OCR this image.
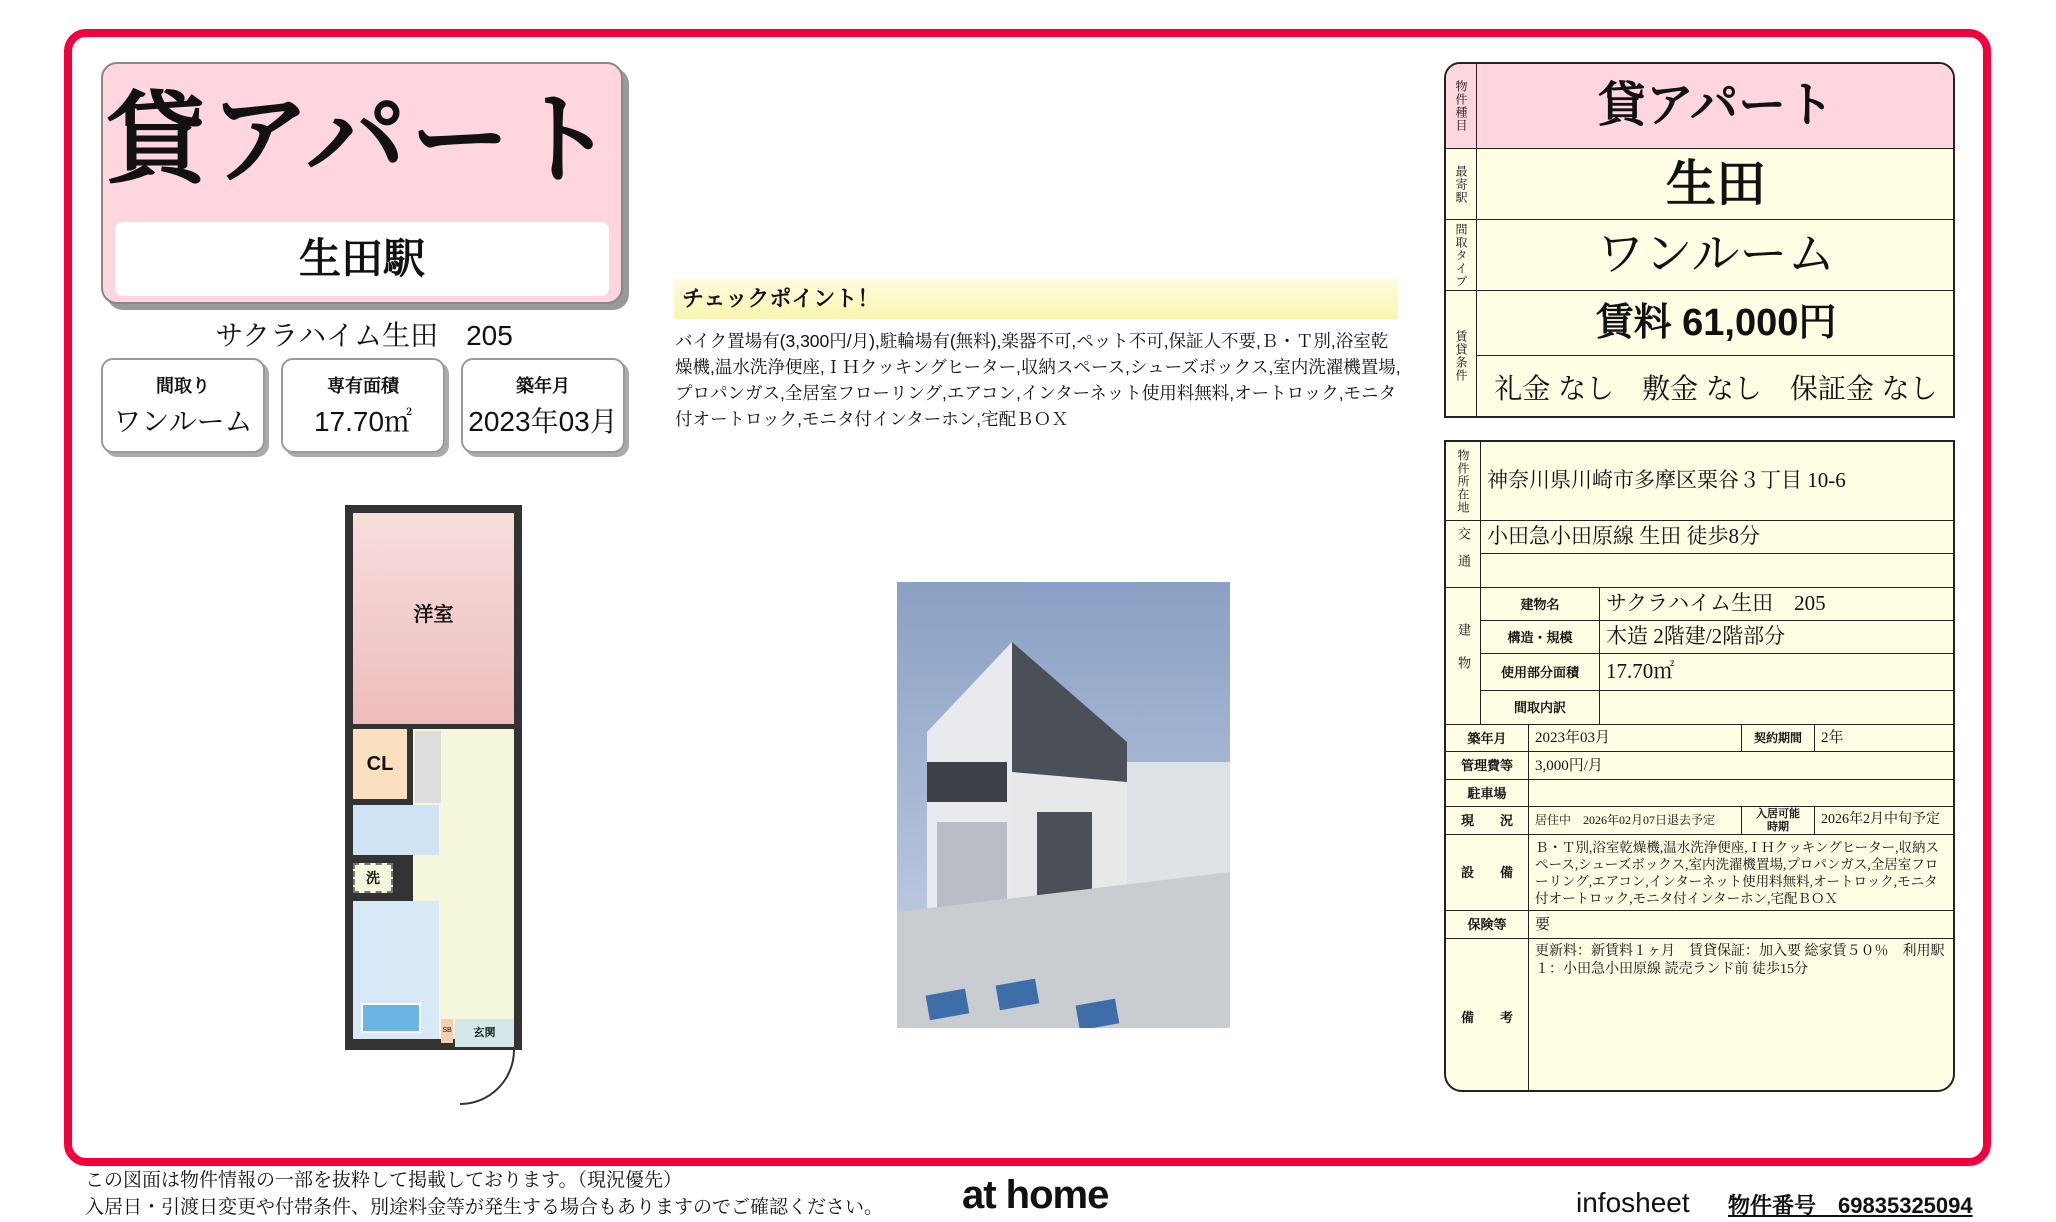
貸アパート
生田駅
サクラハイム生田　205
間取り
ワンルーム
専有面積
17.70㎡
築年月
2023年03月
洋室
CL
洗
玄関
SB
チェックポイント！
バイク置場有(3,300円/月),駐輪場有(無料),楽器不可,ペット不可,保証人不要,Ｂ・Ｔ別,浴室乾燥機,温水洗浄便座,ＩＨクッキングヒーター,収納スペース,シューズボックス,室内洗濯機置場,プロパンガス,全居室フローリング,エアコン,インターネット使用料無料,オートロック,モニタ付オートロック,モニタ付インターホン,宅配ＢＯＸ
物件種目	貸アパート
最寄駅	生田
間取タイプ	ワンルーム
賃貸条件
賃料 61,000円
礼金 なし　敷金 なし　保証金 なし
物件所在地 神奈川県川崎市多摩区栗谷３丁目 10-6
交通 小田急小田原線 生田 徒歩8分
建物
建物名	サクラハイム生田　205
構造・規模	木造 2階建/2階部分
使用部分面積	17.70㎡
間取内訳
築年月	2023年03月	契約期間	2年
管理費等	3,000円/月
駐車場
現　　況	居住中　2026年02月07日退去予定	入居可能時期	2026年2月中旬予定
設　　備
Ｂ・Ｔ別,浴室乾燥機,温水洗浄便座,ＩＨクッキングヒーター,収納スペース,シューズボックス,室内洗濯機置場,プロパンガス,全居室フローリング,エアコン,インターネット使用料無料,オートロック,モニタ付オートロック,モニタ付インターホン,宅配ＢＯＸ
保険等	要
備　　考
更新料：新賃料１ヶ月　賃貸保証：加入要 総家賃５０％　利用駅１：小田急小田原線 読売ランド前 徒歩15分
この図面は物件情報の一部を抜粋して掲載しております。（現況優先）
入居日・引渡日変更や付帯条件、別途料金等が発生する場合もありますのでご確認ください。 at home	infosheet 物件番号　 69835325094
